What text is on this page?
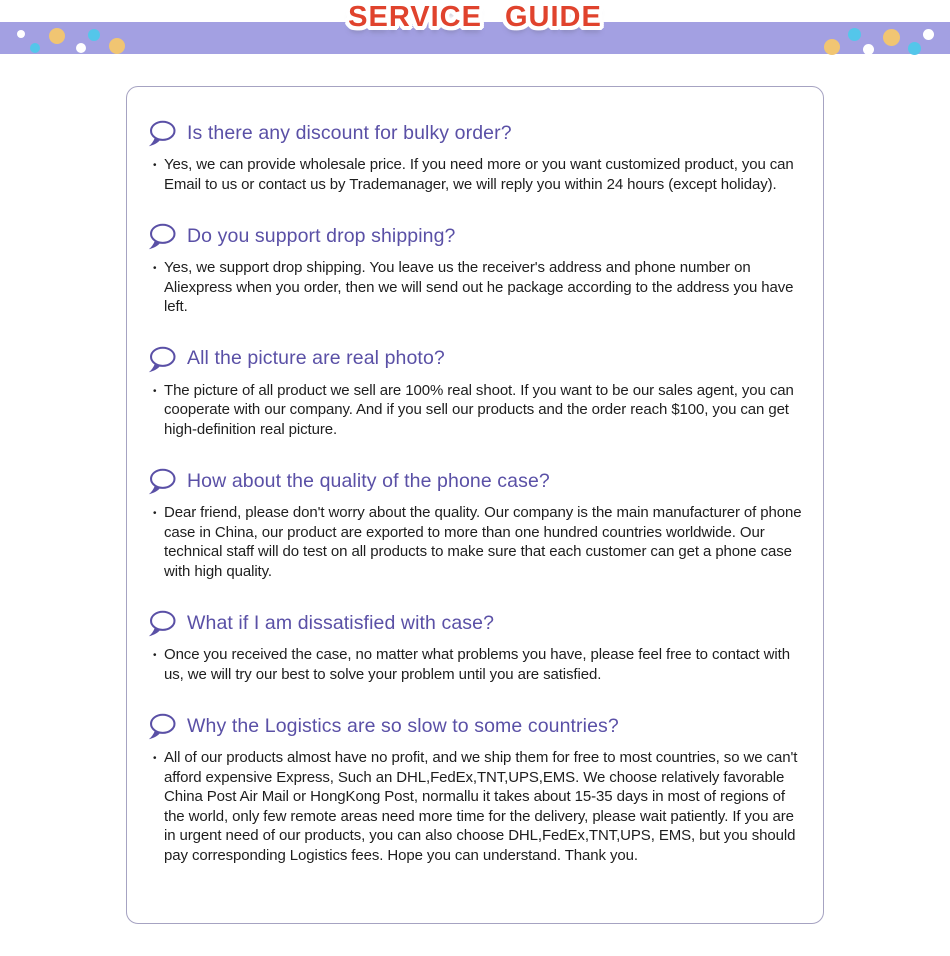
SERVICE GUIDE
Is there any discount for bulky order?

• Yes, we can provide wholesale price. If you need more or you want customized product, you can Email to us or contact us by Trademanager, we will reply you within 24 hours (except holiday).

Do you support drop shipping?

• Yes, we support drop shipping. You leave us the receiver's address and phone number on Aliexpress when you order, then we will send out he package according to the address you have left.

All the picture are real photo?

• The picture of all product we sell are 100% real shoot. If you want to be our sales agent, you can cooperate with our company. And if you sell our products and the order reach $100, you can get high-definition real picture.

How about the quality of the phone case?

• Dear friend, please don't worry about the quality. Our company is the main manufacturer of phone case in China, our product are exported to more than one hundred countries worldwide. Our technical staff will do test on all products to make sure that each customer can get a phone case with high quality.

What if I am dissatisfied with case?

• Once you received the case, no matter what problems you have, please feel free to contact with us, we will try our best to solve your problem until you are satisfied.

Why the Logistics are so slow to some countries?

• All of our products almost have no profit, and we ship them for free to most countries, so we can't afford expensive Express, Such an DHL,FedEx,TNT,UPS,EMS. We choose relatively favorable China Post Air Mail or HongKong Post, normallu it takes about 15-35 days in most of regions of the world, only few remote areas need more time for the delivery, please wait patiently. If you are in urgent need of our products, you can also choose DHL,FedEx,TNT,UPS, EMS, but you should pay corresponding Logistics fees. Hope you can understand. Thank you.
